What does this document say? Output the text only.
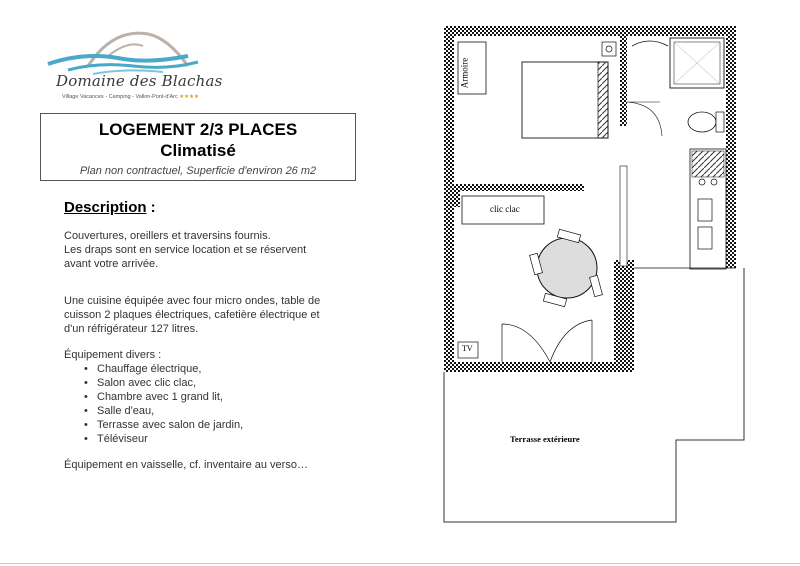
Domaine des Blachas
Village Vacances - Camping - Vallon-Pont-d'Arc ★★★★
LOGEMENT 2/3 PLACES
Climatisé
Plan non contractuel, Superficie d'environ 26 m2
Description :
Couvertures, oreillers et traversins fournis.
Les draps sont en service location et se réservent
avant votre arrivée.
Une cuisine équipée avec four micro ondes, table de
cuisson 2 plaques électriques, cafetière électrique et
d'un réfrigérateur 127 litres.
Équipement divers :
• Chauffage électrique,
• Salon avec clic clac,
• Chambre avec 1 grand lit,
• Salle d'eau,
• Terrasse avec salon de jardin,
• Téléviseur
Équipement en vaisselle, cf. inventaire au verso…
Armoire
clic clac
TV
Terrasse extérieure
